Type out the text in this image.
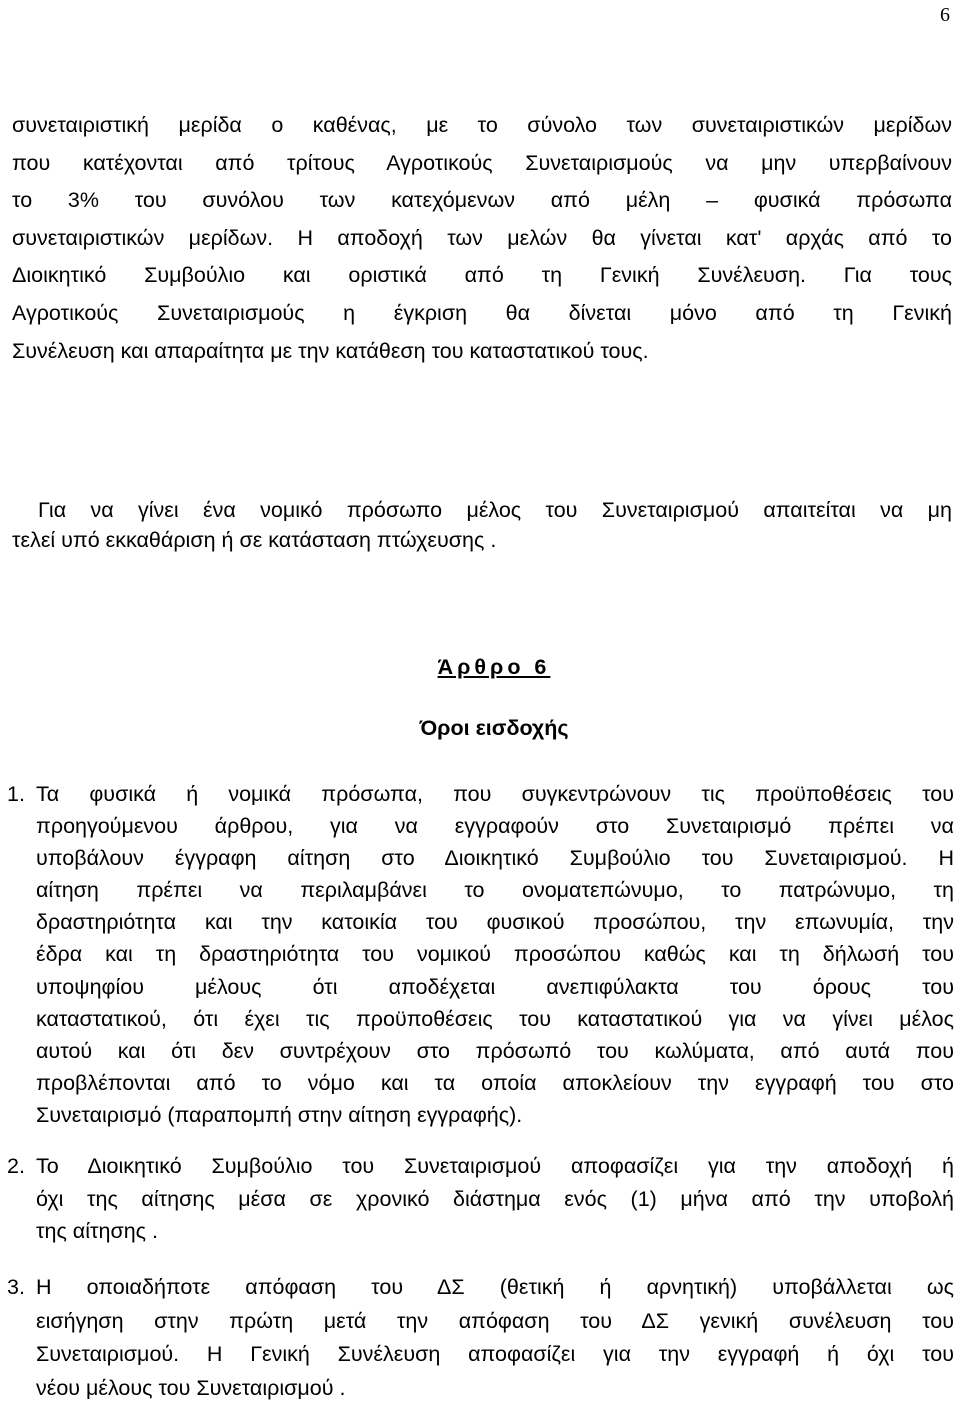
6
συνεταιριστική μερίδα ο καθένας, με το σύνολο των συνεταιριστικών μερίδων
που κατέχονται από τρίτους Αγροτικούς Συνεταιρισμούς να μην υπερβαίνουν
το 3% του συνόλου των κατεχόμενων από μέλη – φυσικά πρόσωπα
συνεταιριστικών μερίδων. Η αποδοχή των μελών θα γίνεται κατ' αρχάς από το
Διοικητικό Συμβούλιο και οριστικά από τη Γενική Συνέλευση. Για τους
Αγροτικούς Συνεταιρισμούς η έγκριση θα δίνεται μόνο από τη Γενική
Συνέλευση και απαραίτητα με την κατάθεση του καταστατικού τους.
Για να γίνει ένα νομικό πρόσωπο μέλος του Συνεταιρισμού απαιτείται να μη
τελεί υπό εκκαθάριση ή σε κατάσταση πτώχευσης .
Άρθρο 6
Όροι εισδοχής
1. Τα φυσικά ή νομικά πρόσωπα, που συγκεντρώνουν τις προϋποθέσεις του
προηγούμενου άρθρου, για να εγγραφούν στο Συνεταιρισμό πρέπει να
υποβάλουν έγγραφη αίτηση στο Διοικητικό Συμβούλιο του Συνεταιρισμού. Η
αίτηση πρέπει να περιλαμβάνει το ονοματεπώνυμο, το πατρώνυμο, τη
δραστηριότητα και την κατοικία του φυσικού προσώπου, την επωνυμία, την
έδρα και τη δραστηριότητα του νομικού προσώπου καθώς και τη δήλωσή του
υποψηφίου μέλους ότι αποδέχεται ανεπιφύλακτα του όρους του
καταστατικού, ότι έχει τις προϋποθέσεις του καταστατικού για να γίνει μέλος
αυτού και ότι δεν συντρέχουν στο πρόσωπό του κωλύματα, από αυτά που
προβλέπονται από το νόμο και τα οποία αποκλείουν την εγγραφή του στο
Συνεταιρισμό (παραπομπή στην αίτηση εγγραφής).
2. Το Διοικητικό Συμβούλιο του Συνεταιρισμού αποφασίζει για την αποδοχή ή
όχι της αίτησης μέσα σε χρονικό διάστημα ενός (1) μήνα από την υποβολή
της αίτησης .
3. Η οποιαδήποτε απόφαση του ΔΣ (θετική ή αρνητική) υποβάλλεται ως
εισήγηση στην πρώτη μετά την απόφαση του ΔΣ γενική συνέλευση του
Συνεταιρισμού. Η Γενική Συνέλευση αποφασίζει για την εγγραφή ή όχι του
νέου μέλους του Συνεταιρισμού .
